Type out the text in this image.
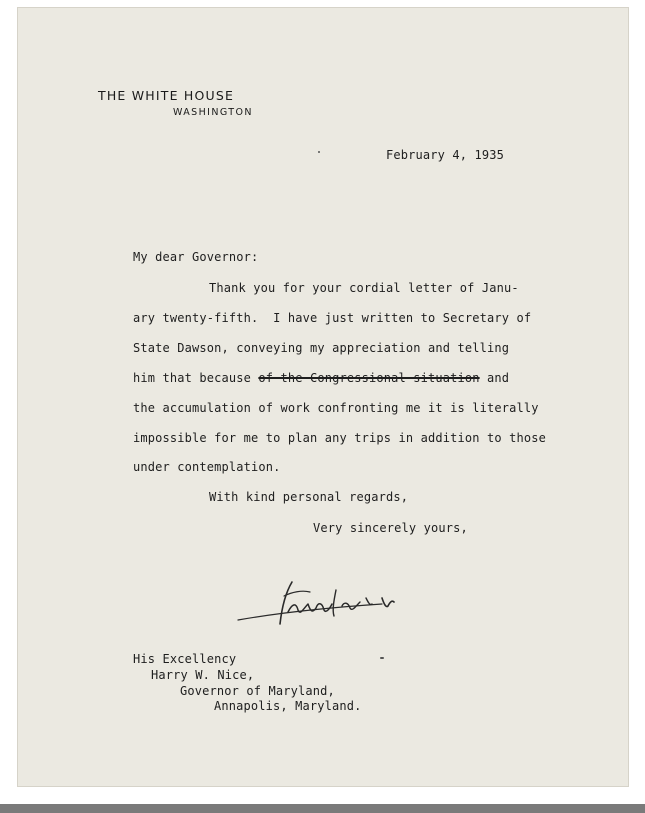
THE WHITE HOUSE
WASHINGTON
February 4, 1935
My dear Governor:
Thank you for your cordial letter of Janu-
ary twenty-fifth.  I have just written to Secretary of
State Dawson, conveying my appreciation and telling
him that because of the Congressional situation and
the accumulation of work confronting me it is literally
impossible for me to plan any trips in addition to those
under contemplation.
With kind personal regards,
Very sincerely yours,
His Excellency
Harry W. Nice,
Governor of Maryland,
Annapolis, Maryland.
